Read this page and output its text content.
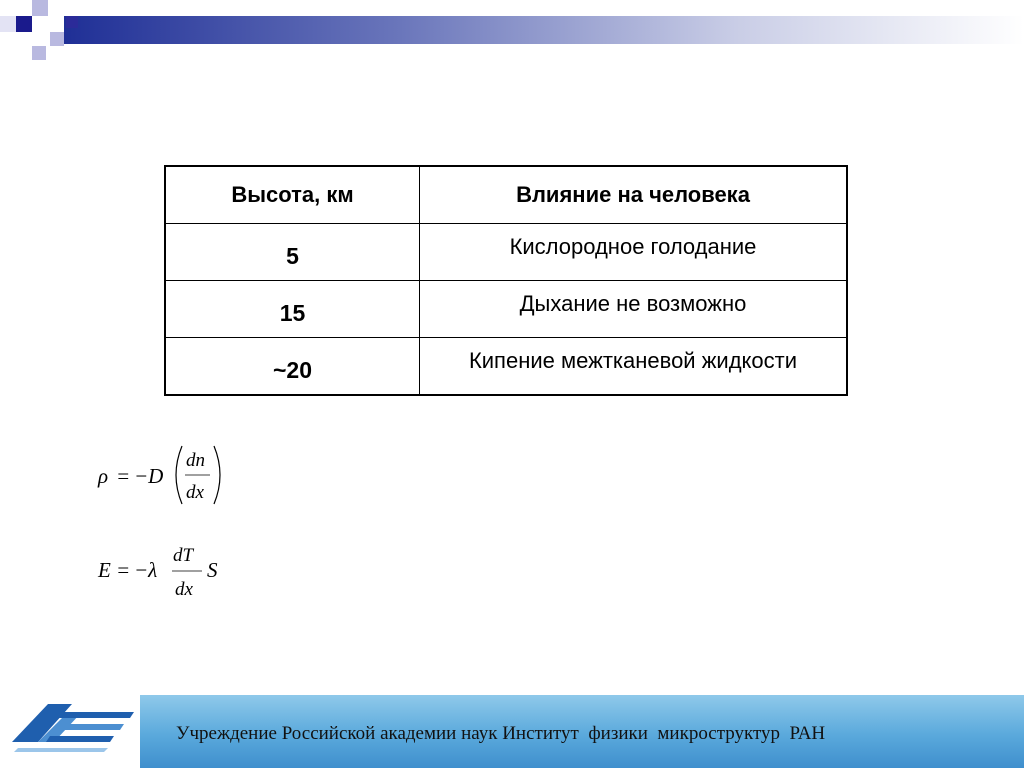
Высота, км	Влияние на человека
5	Кислородное голодание
15	Дыхание не возможно
~20	Кипение межтканевой жидкости
ρ = −D
dn
dx
E = −λ
dT
dx
S
Учреждение Российской академии наук Институт  физики  микроструктур  РАН
